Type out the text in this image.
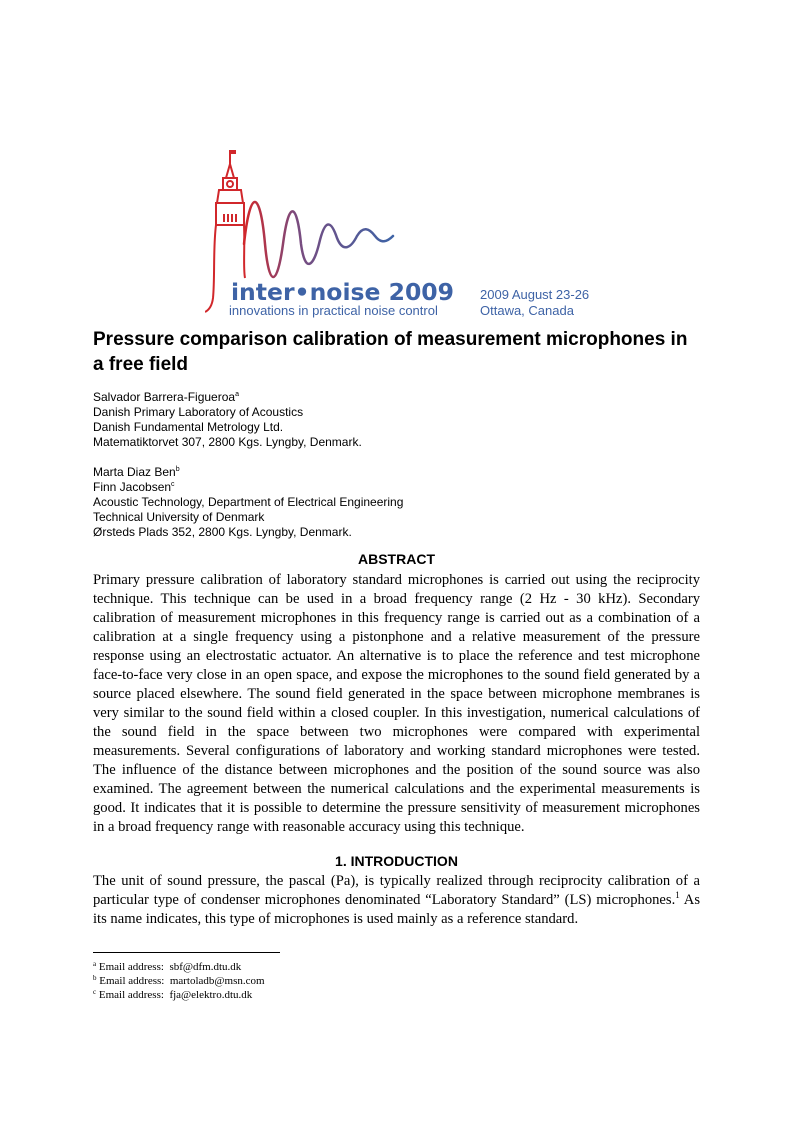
inter•noise 2009
innovations in practical noise control
2009 August 23-26
Ottawa, Canada
Pressure comparison calibration of measurement microphones in a free field

Salvador Barrera-Figueroa$^a$

Danish Primary Laboratory of Acoustics

Danish Fundamental Metrology Ltd.

Matematiktorvet 307, 2800 Kgs. Lyngby, Denmark.

Marta Diaz Ben$^b$

Finn Jacobsen$^c$

Acoustic Technology, Department of Electrical Engineering

Technical University of Denmark

Ørsteds Plads 352, 2800 Kgs. Lyngby, Denmark.

ABSTRACT

Primary pressure calibration of laboratory standard microphones is carried out using the reciprocity technique. This technique can be used in a broad frequency range (2 Hz - 30 kHz). Secondary calibration of measurement microphones in this frequency range is carried out as a combination of a calibration at a single frequency using a pistonphone and a relative measurement of the pressure response using an electrostatic actuator. An alternative is to place the reference and test microphone face-to-face very close in an open space, and expose the microphones to the sound field generated by a source placed elsewhere. The sound field generated in the space between microphone membranes is very similar to the sound field within a closed coupler. In this investigation, numerical calculations of the sound field in the space between two microphones were compared with experimental measurements. Several configurations of laboratory and working standard microphones were tested. The influence of the distance between microphones and the position of the sound source was also examined. The agreement between the numerical calculations and the experimental measurements is good. It indicates that it is possible to determine the pressure sensitivity of measurement microphones in a broad frequency range with reasonable accuracy using this technique.

1. INTRODUCTION

The unit of sound pressure, the pascal (Pa), is typically realized through reciprocity calibration of a particular type of condenser microphones denominated “Laboratory Standard” (LS) microphones.$^1$ As its name indicates, this type of microphones is used mainly as a reference standard.

$^a$ Email address: sbf@dfm.dtu.dk

$^b$ Email address: martoladb@msn.com

$^c$ Email address: fja@elektro.dtu.dk
